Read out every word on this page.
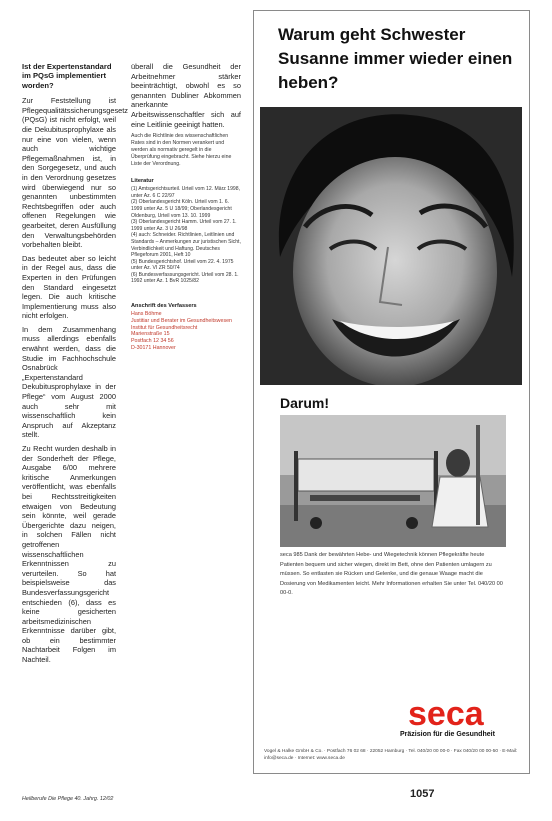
Ist der Expertenstandard im PQsG implementiert worden?

Zur Feststellung ist Pflegequalitätssicherungsgesetz (PQsG) ist nicht erfolgt, weil die Dekubitusprophylaxe als nur eine von vielen, wenn auch wichtige Pflegemaßnahmen ist, in den Sorgegesetz, und auch in den Verordnung gesetzes wird überwiegend nur so genannten unbestimmten Rechtsbegriffen oder auch offenen Regelungen wie gearbeitet, deren Ausfüllung den Verwaltungsbehörden vorbehalten bleibt.

Das bedeutet aber so leicht in der Regel aus, dass die Experten in den Prüfungen den Standard eingesetzt legen. Die auch kritische Implementierung muss also nicht erfolgen.

In dem Zusammenhang muss allerdings ebenfalls erwähnt werden, dass die Studie im Fachhochschule Osnabrück „Expertenstandard Dekubitusprophylaxe in der Pflege“ vom August 2000 auch sehr mit wissenschaftlich kein Anspruch auf Akzeptanz stellt.

Zu Recht wurden deshalb in der Sonderheft der Pflege, Ausgabe 6/00 mehrere kritische Anmerkungen veröffentlicht, was ebenfalls bei Rechtsstreitigkeiten etwaigen von Bedeutung sein könnte, weil gerade Übergerichte dazu neigen, in solchen Fällen nicht getroffenen wissenschaftlichen Erkenntnissen zu verurteilen. So hat beispielsweise das Bundesverfassungsgericht entschieden (6), dass es keine gesicherten arbeitsmedizinischen Erkenntnisse darüber gibt, ob ein bestimmter Nachtarbeit Folgen im Nachteil.

überall die Gesundheit der Arbeitnehmer stärker beeinträchtigt, obwohl es so genannten Dubliner Abkommen anerkannte Arbeitswissenschaftler sich auf eine Leitlinie geeinigt hatten.

Auch die Richtlinie des wissenschaftlichen Rates sind in den Normen verankert und werden als normativ geregelt in die Überprüfung eingebracht. Siehe hierzu eine Liste der Verordnung.

Literatur

(1) Amtsgerichtsurteil. Urteil vom 12. März 1998, unter Az. 6 C 22/97

(2) Oberlandesgericht Köln. Urteil vom 1. 6. 1999 unter Az. 5 U 18/99; Oberlandesgericht Oldenburg, Urteil vom 13. 10. 1999

(3) Oberlandesgericht Hamm. Urteil vom 27. 1. 1999 unter Az. 3 U 26/98

(4) auch: Schneider. Richtlinien, Leitlinien und Standards – Anmerkungen zur juristischen Sicht, Verbindlichkeit und Haftung. Deutsches Pflegeforum 2001, Heft 10

(5) Bundesgerichtshof. Urteil vom 22. 4. 1975 unter Az. VI ZR 50/74

(6) Bundesverfassungsgericht. Urteil vom 28. 1. 1992 unter Az. 1 BvR 1025/82

Anschrift des Verfassers

Hans Böhme

Justitiar und Berater im Gesundheitswesen

Institut für Gesundheitsrecht

Marienstraße 15

Postfach 12 34 56

D-30171 Hannover

Warum geht Schwester Susanne immer wieder einen heben?

Darum!

seca 985 Dank der bewährten Hebe- und Wiegetechnik können Pflegekräfte heute Patienten bequem und sicher wiegen, direkt im Bett, ohne den Patienten umlagern zu müssen. So entlasten sie Rücken und Gelenke, und die genaue Waage macht die Dosierung von Medikamenten leicht. Mehr Informationen erhalten Sie unter Tel. 040/20 00 00-0.

seca

Präzision für die Gesundheit

Vogel & Halke GmbH & Co. · Postfach 76 02 68 · 22052 Hamburg · Tel. 040/20 00 00-0 · Fax 040/20 00 00-50 · E-Mail: info@seca.de · Internet: www.seca.de

Heilberufe Die Pflege 40. Jahrg. 12/02	1057
